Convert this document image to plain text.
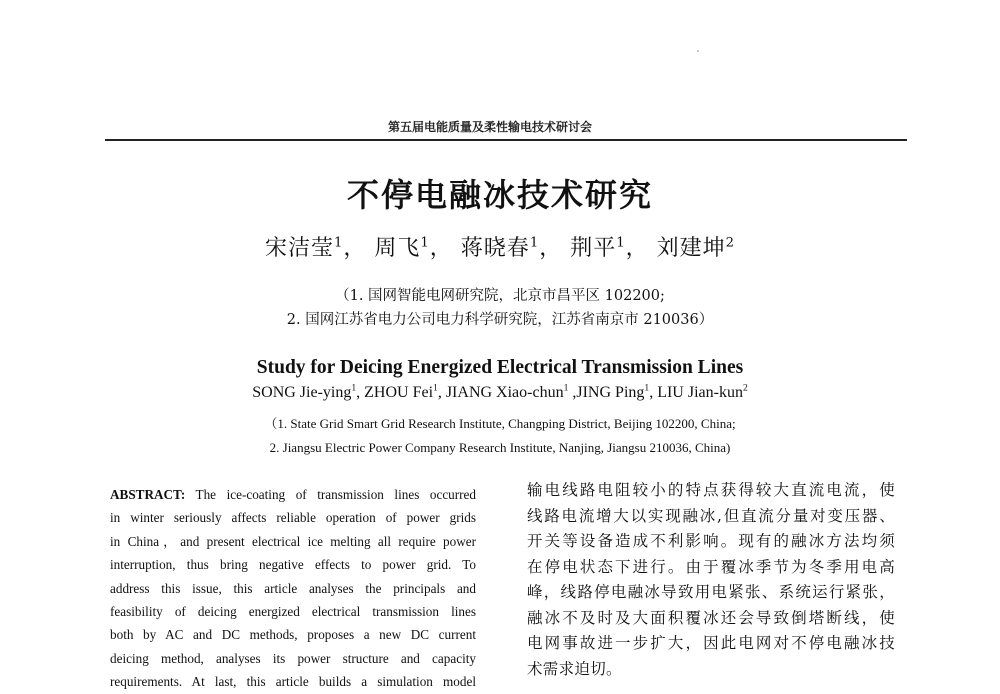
第五届电能质量及柔性输电技术研讨会
不停电融冰技术研究
宋洁莹$^1$， 周飞$^1$， 蒋晓春$^1$， 荆平$^1$， 刘建坤$^2$
（1. 国网智能电网研究院，北京市昌平区 102200;
2. 国网江苏省电力公司电力科学研究院，江苏省南京市 210036）
Study for Deicing Energized Electrical Transmission Lines
SONG Jie-ying$^1$, ZHOU Fei$^1$, JIANG Xiao-chun$^1$ ,JING Ping$^1$, LIU Jian-kun$^2$
（1. State Grid Smart Grid Research Institute, Changping District, Beijing 102200, China;
2. Jiangsu Electric Power Company Research Institute, Nanjing, Jiangsu 210036, China)
ABSTRACT: The ice-coating of transmission lines occurred
in winter seriously affects reliable operation of power grids
in China，and present electrical ice melting all require power
interruption, thus bring negative effects to power grid. To
address this issue, this article analyses the principals and
feasibility of deicing energized electrical transmission lines
both by AC and DC methods, proposes a new DC current
deicing method, analyses its power structure and capacity
requirements. At last, this article builds a simulation model
输电线路电阻较小的特点获得较大直流电流，使
线路电流增大以实现融冰,但直流分量对变压器、
开关等设备造成不利影响。现有的融冰方法均须
在停电状态下进行。由于覆冰季节为冬季用电高
峰，线路停电融冰导致用电紧张、系统运行紧张，
融冰不及时及大面积覆冰还会导致倒塔断线，使
电网事故进一步扩大，因此电网对不停电融冰技
术需求迫切。
